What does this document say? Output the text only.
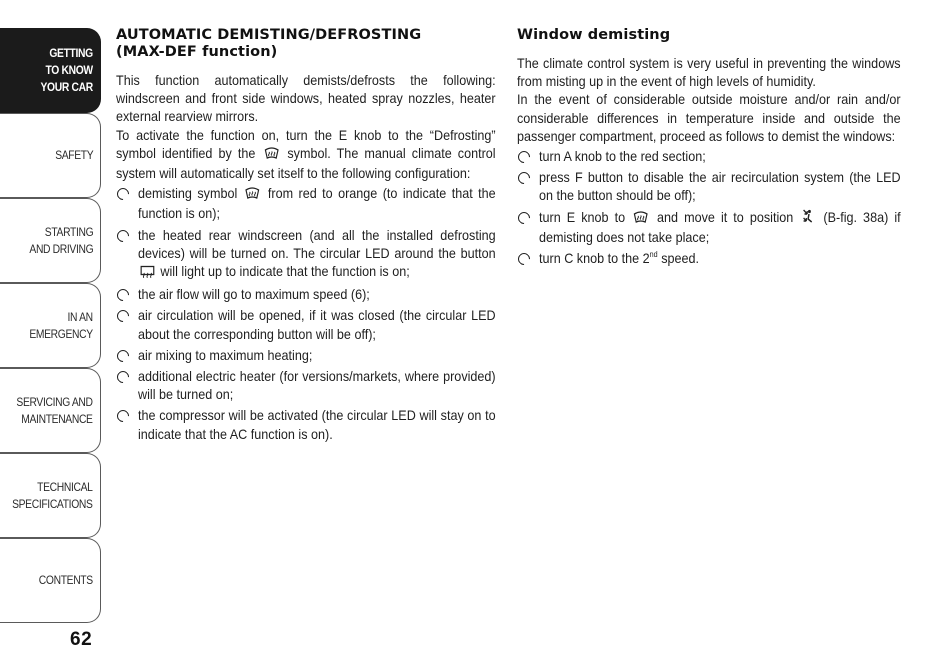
GETTING
TO KNOW
YOUR CAR
SAFETY
STARTING
AND DRIVING
IN AN
EMERGENCY
SERVICING AND
MAINTENANCE
TECHNICAL
SPECIFICATIONS
CONTENTS
62
AUTOMATIC DEMISTING/DEFROSTING
(MAX-DEF function)

This function automatically demists/defrosts the following: windscreen and front side windows, heated spray nozzles, heater external rearview mirrors.

To activate the function on, turn the E knob to the “Defrosting” symbol identified by the  symbol. The manual climate control system will automatically set itself to the following configuration:

demisting symbol  from red to orange (to indicate that the function is on);
the heated rear windscreen (and all the installed defrosting devices) will be turned on. The circular LED around the button  will light up to indicate that the function is on;
the air flow will go to maximum speed (6);
air circulation will be opened, if it was closed (the circular LED about the corresponding button will be off);
air mixing to maximum heating;
additional electric heater (for versions/markets, where provided) will be turned on;
the compressor will be activated (the circular LED will stay on to indicate that the AC function is on).
Window demisting

The climate control system is very useful in preventing the windows from misting up in the event of high levels of humidity.

In the event of considerable outside moisture and/or rain and/or considerable differences in temperature inside and outside the passenger compartment, proceed as follows to demist the windows:

turn A knob to the red section;
press F button to disable the air recirculation system (the LED on the button should be off);
turn E knob to  and move it to position  (B-fig. 38a) if demisting does not take place;
turn C knob to the 2nd speed.
